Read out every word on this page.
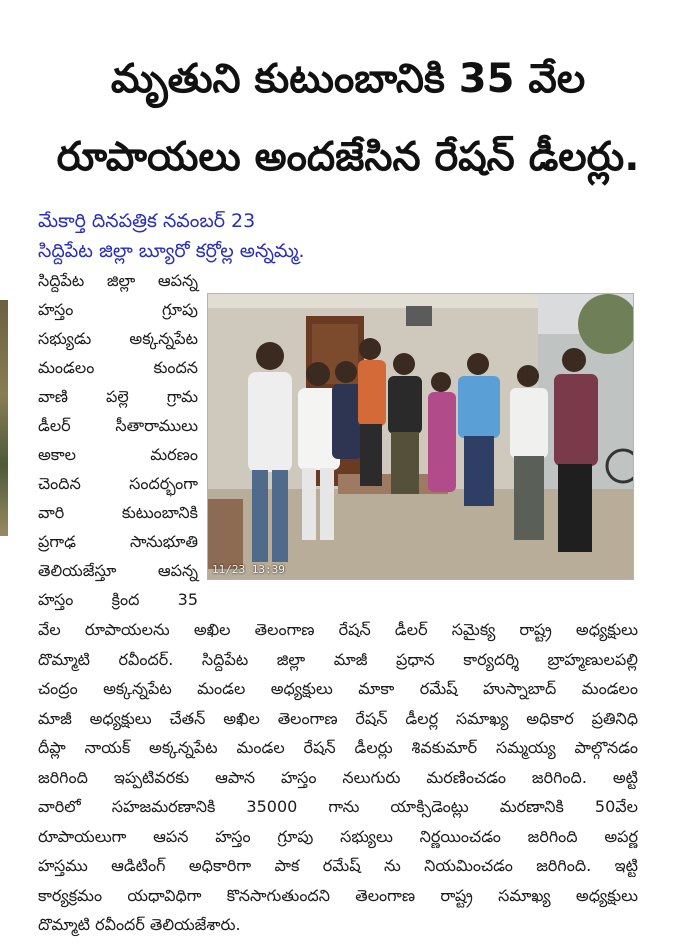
మృతుని కుటుంబానికి 35 వేల
రూపాయలు అందజేసిన రేషన్ డీలర్లు.
మేకార్తి దినపత్రిక నవంబర్ 23
సిద్దిపేట జిల్లా బ్యూరో కర్రోల్ల అన్నమ్మ.
11/23 13:39
సిద్దిపేట జిల్లా ఆపన్న
హస్తం గ్రూపు
సభ్యుడు అక్కన్నపేట
మండలం కుందన
వాణి పల్లె గ్రామ
డీలర్ సీతారాములు
అకాల మరణం
చెందిన సందర్భంగా
వారి కుటుంబానికి
ప్రగాఢ సానుభూతి
తెలియజేస్తూ ఆపన్న
హస్తం క్రింద 35
వేల రూపాయలను అఖిల తెలంగాణ రేషన్ డీలర్ సమైక్య రాష్ట్ర అధ్యక్షులు
దొమ్మాటి రవీందర్. సిద్దిపేట జిల్లా మాజీ ప్రధాన కార్యదర్శి బ్రాహ్మణులపల్లి
చంద్రం అక్కన్నపేట మండల అధ్యక్షులు మాకా రమేష్ హుస్నాబాద్ మండలం
మాజీ అధ్యక్షులు చేతన్ అఖిల తెలంగాణ రేషన్ డీలర్ల సమాఖ్య అధికార ప్రతినిధి
దీప్లా నాయక్ అక్కన్నపేట మండల రేషన్ డీలర్లు శివకుమార్ సమ్మయ్య పాల్గొనడం
జరిగింది ఇప్పటివరకు ఆపాన హస్తం నలుగురు మరణించడం జరిగింది. అట్టి
వారిలో సహజమరణానికి 35000 గాను యాక్సిడెంట్లు మరణానికి 50వేల
రూపాయలుగా ఆపన హస్తం గ్రూపు సభ్యులు నిర్ణయించడం జరిగింది అపర్ణ
హస్తము ఆడిటింగ్ అధికారిగా పాక రమేష్ ను నియమించడం జరిగింది. ఇట్టి
కార్యక్రమం యధావిధిగా కొనసాగుతుందని తెలంగాణ రాష్ట్ర సమాఖ్య అధ్యక్షులు
దొమ్మాటి రవీందర్ తెలియజేశారు.
